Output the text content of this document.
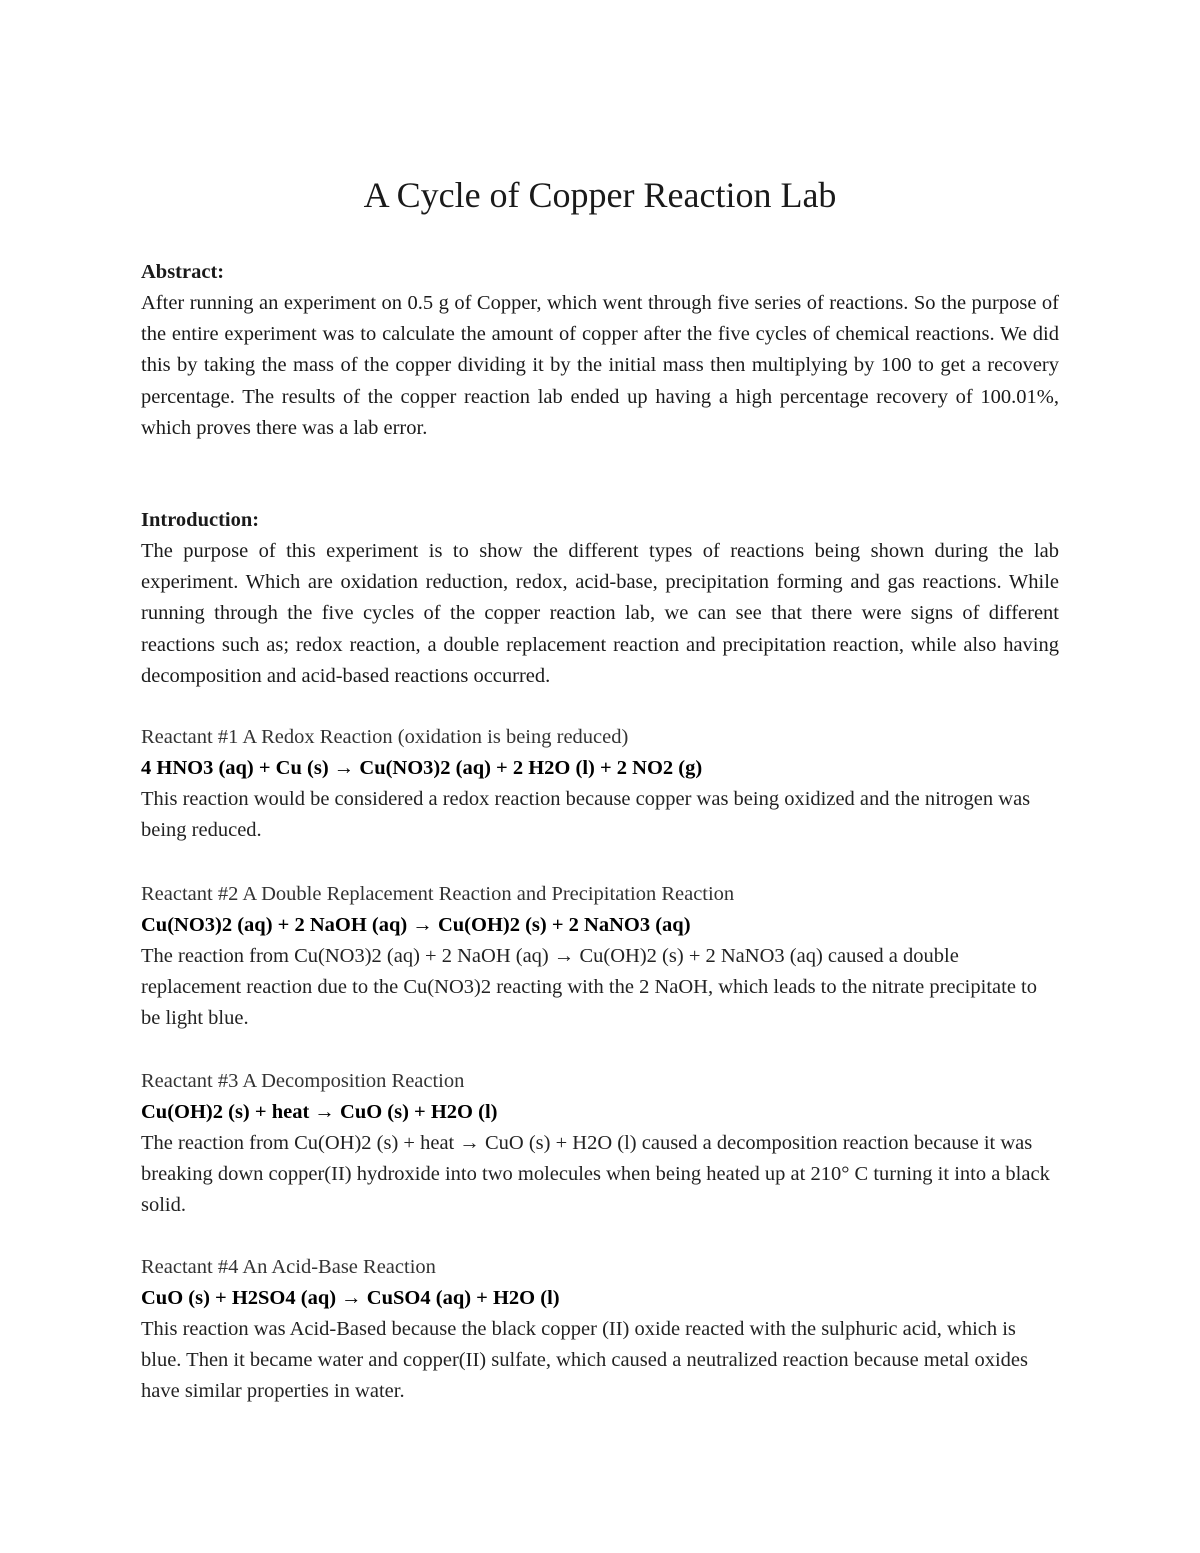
A Cycle of Copper Reaction Lab

Abstract:

After running an experiment on 0.5 g of Copper, which went through five series of reactions. So the purpose of the entire experiment was to calculate the amount of copper after the five cycles of chemical reactions. We did this by taking the mass of the copper dividing it by the initial mass then multiplying by 100 to get a recovery percentage. The results of the copper reaction lab ended up having a high percentage recovery of 100.01%, which proves there was a lab error.

Introduction:

The purpose of this experiment is to show the different types of reactions being shown during the lab experiment. Which are oxidation reduction, redox, acid-base, precipitation forming and gas reactions. While running through the five cycles of the copper reaction lab, we can see that there were signs of different reactions such as; redox reaction, a double replacement reaction and precipitation reaction, while also having decomposition and acid-based reactions occurred.

Reactant #1 A Redox Reaction (oxidation is being reduced)

4 HNO3 (aq) + Cu (s) → Cu(NO3)2 (aq) + 2 H2O (l) + 2 NO2 (g)

This reaction would be considered a redox reaction because copper was being oxidized and the nitrogen was being reduced.

Reactant #2 A Double Replacement Reaction and Precipitation Reaction

Cu(NO3)2 (aq) + 2 NaOH (aq) → Cu(OH)2 (s) + 2 NaNO3 (aq)

The reaction from Cu(NO3)2 (aq) + 2 NaOH (aq) → Cu(OH)2 (s) + 2 NaNO3 (aq) caused a double replacement reaction due to the Cu(NO3)2 reacting with the 2 NaOH, which leads to the nitrate precipitate to be light blue.

Reactant #3 A Decomposition Reaction

Cu(OH)2 (s) + heat → CuO (s) + H2O (l)

The reaction from Cu(OH)2 (s) + heat → CuO (s) + H2O (l) caused a decomposition reaction because it was breaking down copper(II) hydroxide into two molecules when being heated up at 210° C turning it into a black solid.

Reactant #4 An Acid-Base Reaction

CuO (s) + H2SO4 (aq) → CuSO4 (aq) + H2O (l)

This reaction was Acid-Based because the black copper (II) oxide reacted with the sulphuric acid, which is blue. Then it became water and copper(II) sulfate, which caused a neutralized reaction because metal oxides have similar properties in water.
